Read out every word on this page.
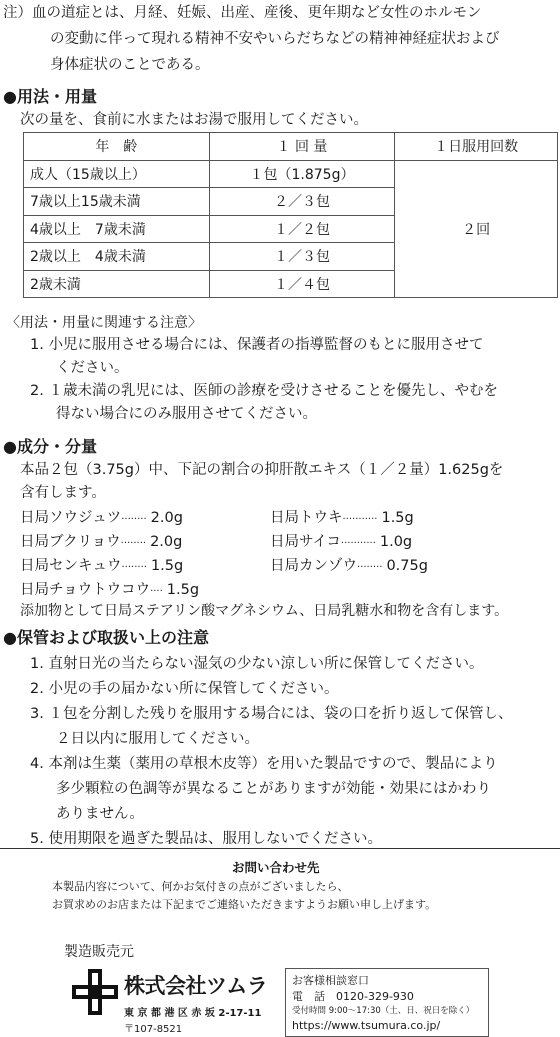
注）血の道症とは、月経、妊娠、出産、産後、更年期など女性のホルモン
の変動に伴って現れる精神不安やいらだちなどの精神神経症状および
身体症状のことである。
●用法・用量
次の量を、食前に水またはお湯で服用してください。
年　齢	１ 回 量	１日服用回数
成人（15歳以上）	１包（1.875g）	２回
7歳以上15歳未満	２／３包	
4歳以上　7歳未満	１／２包	
2歳以上　4歳未満	１／３包	
2歳未満	１／４包	
〈用法・用量に関連する注意〉
1. 小児に服用させる場合には、保護者の指導監督のもとに服用させて
ください。
2. １歳未満の乳児には、医師の診療を受けさせることを優先し、やむを
得ない場合にのみ服用させてください。
●成分・分量
本品２包（3.75g）中、下記の割合の抑肝散エキス（１／２量）1.625gを
含有します。
日局ソウジュツ········ 2.0g
日局ブクリョウ········ 2.0g
日局センキュウ········ 1.5g
日局チョウトウコウ···· 1.5g
日局トウキ··········· 1.5g
日局サイコ··········· 1.0g
日局カンゾウ········ 0.75g
添加物として日局ステアリン酸マグネシウム、日局乳糖水和物を含有します。
●保管および取扱い上の注意
1. 直射日光の当たらない湿気の少ない涼しい所に保管してください。
2. 小児の手の届かない所に保管してください。
3. １包を分割した残りを服用する場合には、袋の口を折り返して保管し、
２日以内に服用してください。
4. 本剤は生薬（薬用の草根木皮等）を用いた製品ですので、製品により
多少顆粒の色調等が異なることがありますが効能・効果にはかわり
ありません。
5. 使用期限を過ぎた製品は、服用しないでください。
お問い合わせ先
本製品内容について、何かお気付きの点がございましたら、
お買求めのお店または下記までご連絡いただきますようお願い申し上げます。
製造販売元
株式会社ツムラ
東 京 都 港 区 赤 坂 2-17-11
〒107-8521
お客様相談窓口
電　話　0120-329-930
受付時間 9:00～17:30（土、日、祝日を除く）
https://www.tsumura.co.jp/
